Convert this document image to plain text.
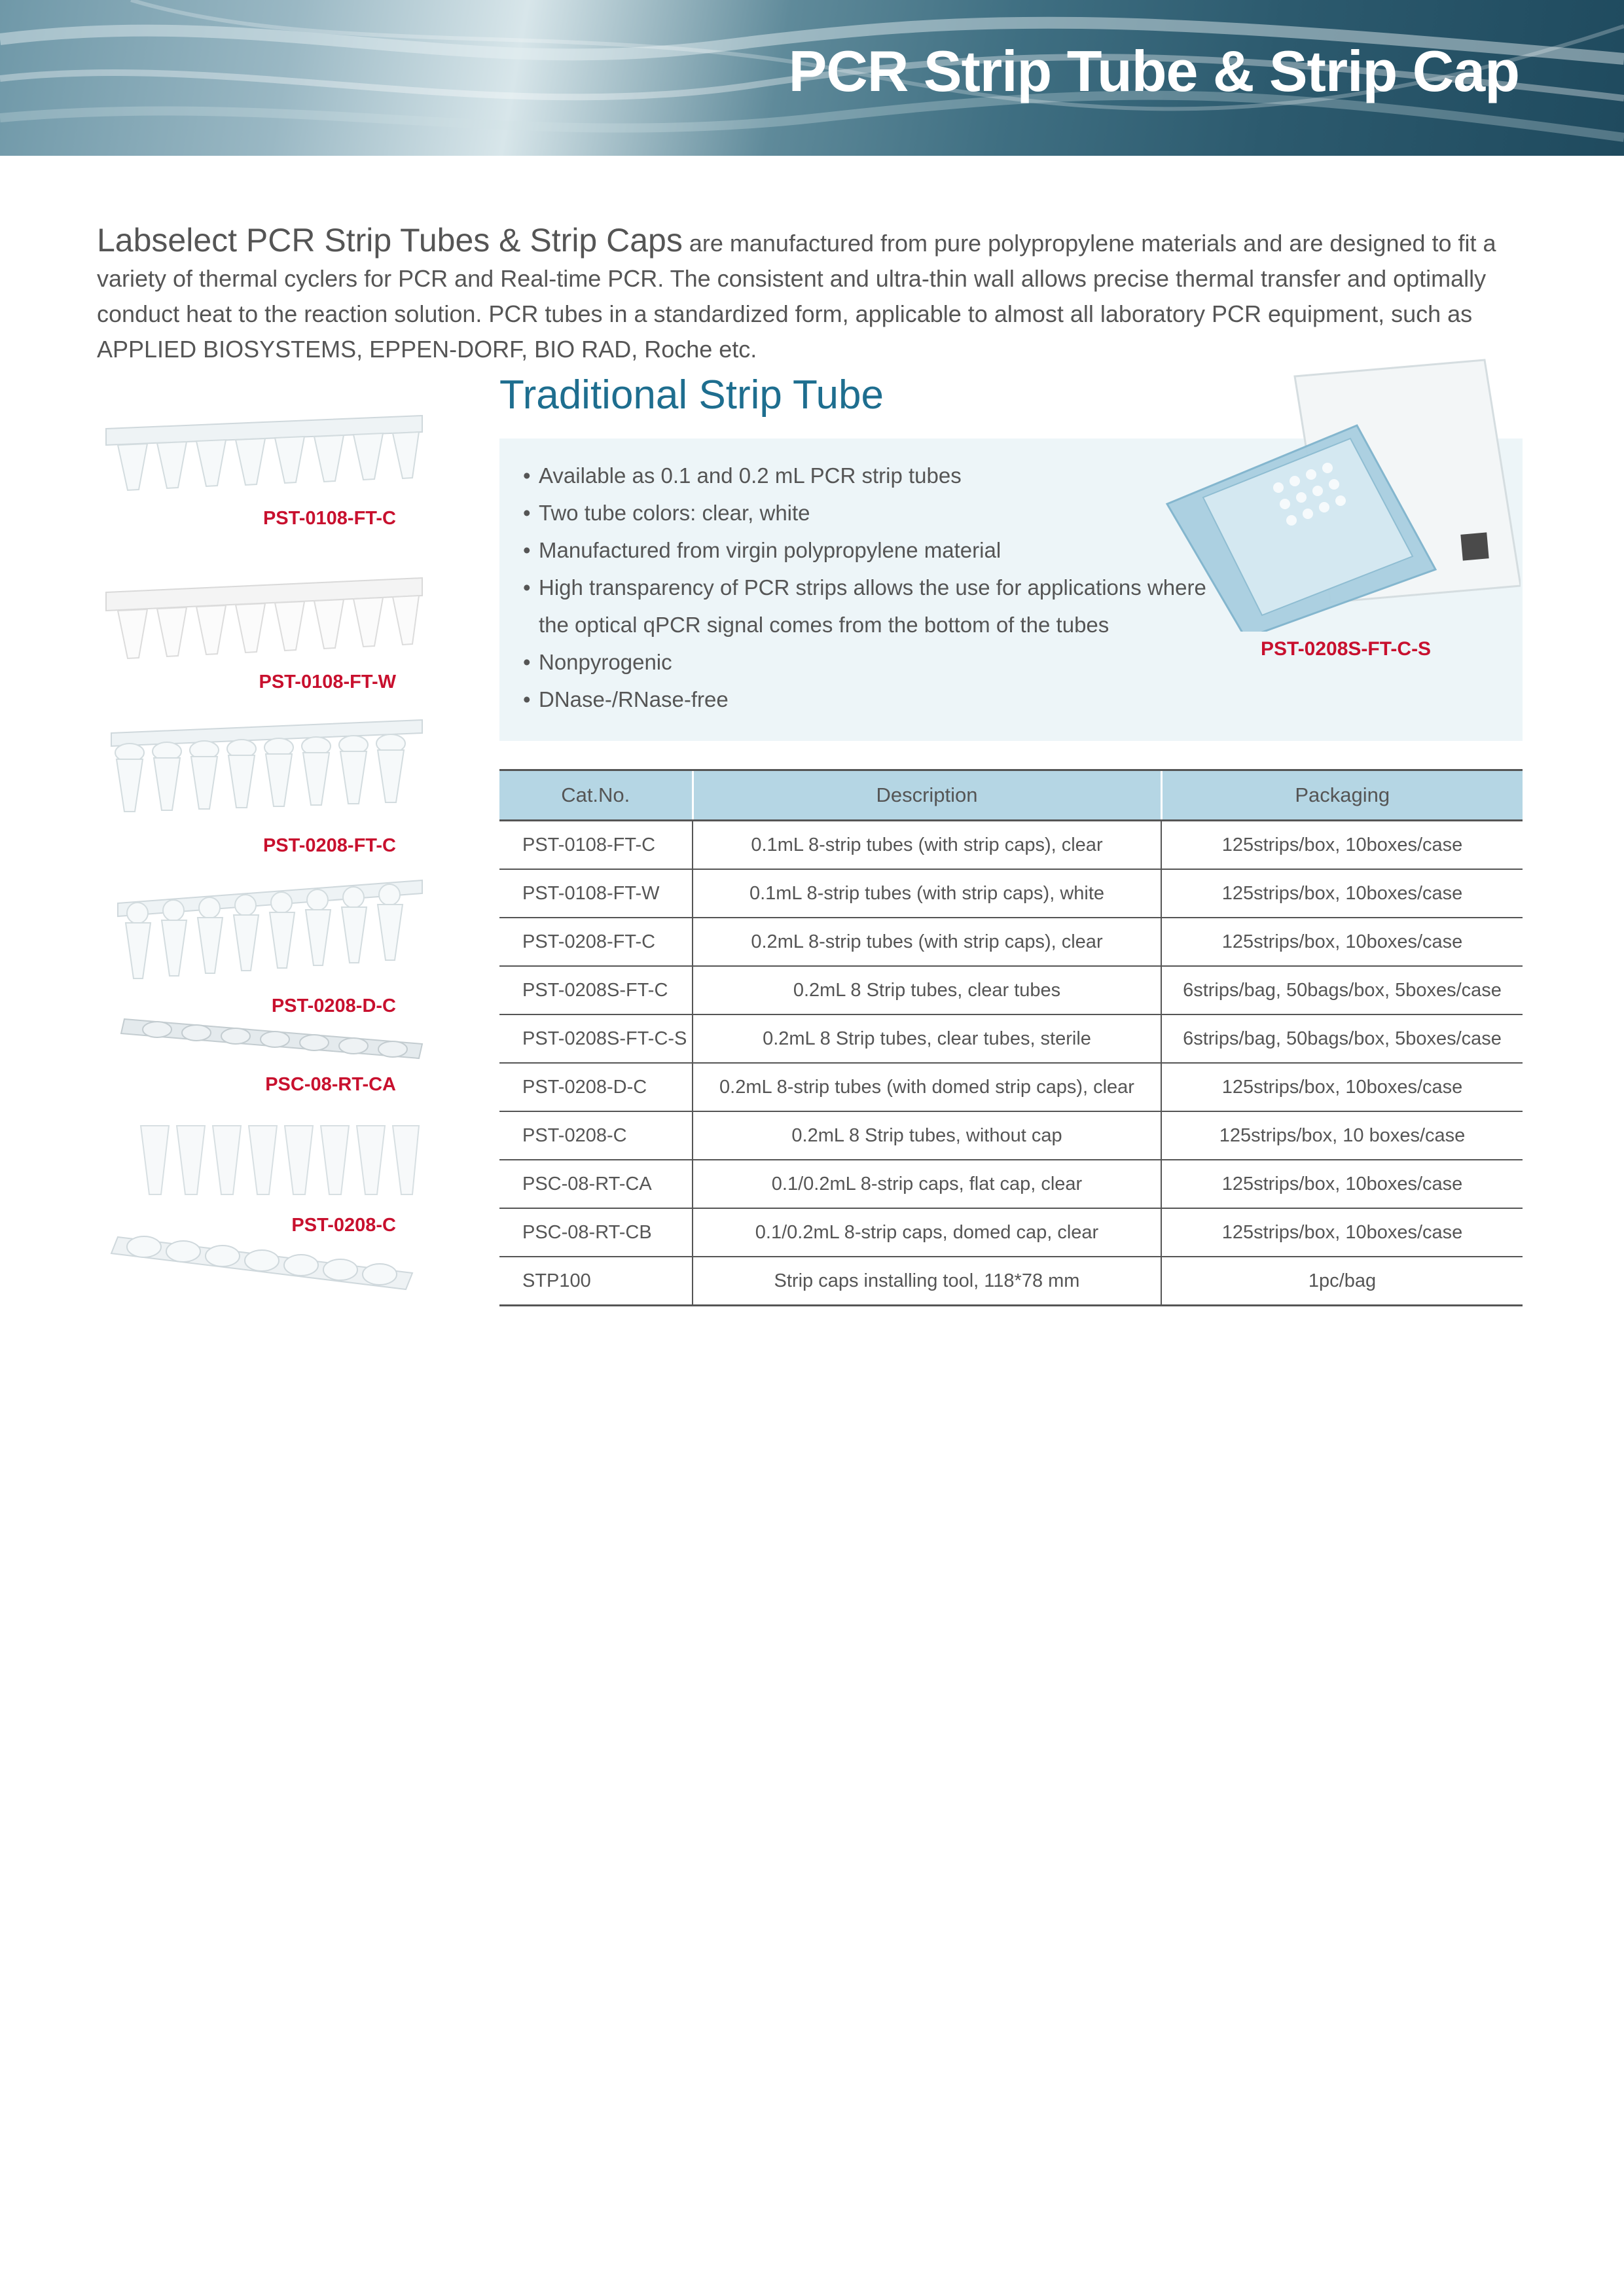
PCR Strip Tube & Strip Cap

Labselect PCR Strip Tubes & Strip Caps are manufactured from pure polypropylene materials and are designed to fit a variety of thermal cyclers for PCR and Real-time PCR. The consistent and ultra-thin wall allows precise thermal transfer and optimally conduct heat to the reaction solution. PCR tubes in a standardized form, applicable to almost all laboratory PCR equipment, such as APPLIED BIOSYSTEMS, EPPEN-DORF, BIO RAD, Roche etc.

PST-0108-FT-C
PST-0108-FT-W
PST-0208-FT-C
PST-0208-D-C
PSC-08-RT-CA
PST-0208-C
Traditional Strip Tube
• Available as 0.1 and 0.2 mL PCR strip tubes
• Two tube colors: clear, white
• Manufactured from virgin polypropylene material
• High transparency of PCR strips allows the use for applications where
the optical qPCR signal comes from the bottom of the tubes
• Nonpyrogenic
• DNase-/RNase-free
PST-0208S-FT-C-S
Cat.No.	Description	Packaging
PST-0108-FT-C	0.1mL 8-strip tubes (with strip caps), clear	125strips/box, 10boxes/case
PST-0108-FT-W	0.1mL 8-strip tubes (with strip caps), white	125strips/box, 10boxes/case
PST-0208-FT-C	0.2mL 8-strip tubes (with strip caps), clear	125strips/box, 10boxes/case
PST-0208S-FT-C	0.2mL 8 Strip tubes, clear tubes	6strips/bag, 50bags/box, 5boxes/case
PST-0208S-FT-C-S	0.2mL 8 Strip tubes, clear tubes, sterile	6strips/bag, 50bags/box, 5boxes/case
PST-0208-D-C	0.2mL 8-strip tubes (with domed strip caps), clear	125strips/box, 10boxes/case
PST-0208-C	0.2mL 8 Strip tubes, without cap	125strips/box, 10 boxes/case
PSC-08-RT-CA	0.1/0.2mL 8-strip caps, flat cap, clear	125strips/box, 10boxes/case
PSC-08-RT-CB	0.1/0.2mL 8-strip caps, domed cap, clear	125strips/box, 10boxes/case
STP100	Strip caps installing tool, 118*78 mm	1pc/bag
